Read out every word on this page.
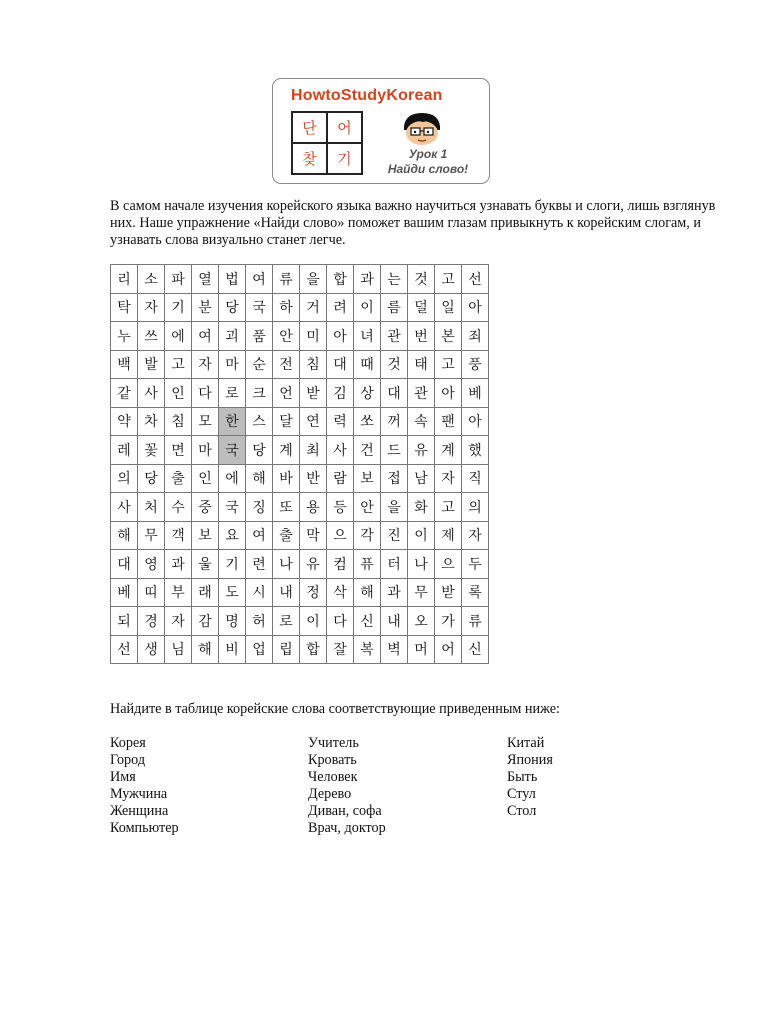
HowtoStudyKorean
단	어
찾	기	Урок 1
Найди слово!

В самом начале изучения корейского языка важно научиться узнавать буквы и слоги, лишь взглянув них. Наше упражнение «Найди слово» поможет вашим глазам привыкнуть к корейским слогам, и узнавать слова визуально станет легче.

리	소	파	열	법	여	류	을	합	과	는	것	고	선
탁	자	기	분	당	국	하	거	려	이	름	덜	일	아
누	쓰	에	여	괴	품	안	미	아	녀	관	번	본	죄
백	발	고	자	마	순	전	침	대	때	것	태	고	풍
같	사	인	다	로	크	언	받	김	상	대	관	아	베
약	차	침	모	한	스	달	연	력	쏘	꺼	속	팬	아
레	꽃	면	마	국	당	계	최	사	건	드	유	계	했
의	당	출	인	에	해	바	반	람	보	접	남	자	직
사	처	수	중	국	징	또	용	등	안	을	화	고	의
해	무	객	보	요	여	출	막	으	각	진	이	제	자
대	영	과	울	기	련	나	유	컴	퓨	터	나	으	두
베	띠	부	래	도	시	내	정	삭	해	과	무	받	록
되	경	자	감	명	허	로	이	다	신	내	오	가	류
선	생	님	해	비	업	립	합	잘	복	벽	머	어	신

Найдите в таблице корейские слова соответствующие приведенным ниже:

Корея
Город
Имя
Мужчина
Женщина
Компьютер
Учитель
Кровать
Человек
Дерево
Диван, софа
Врач, доктор
Китай
Япония
Быть
Стул
Стол
